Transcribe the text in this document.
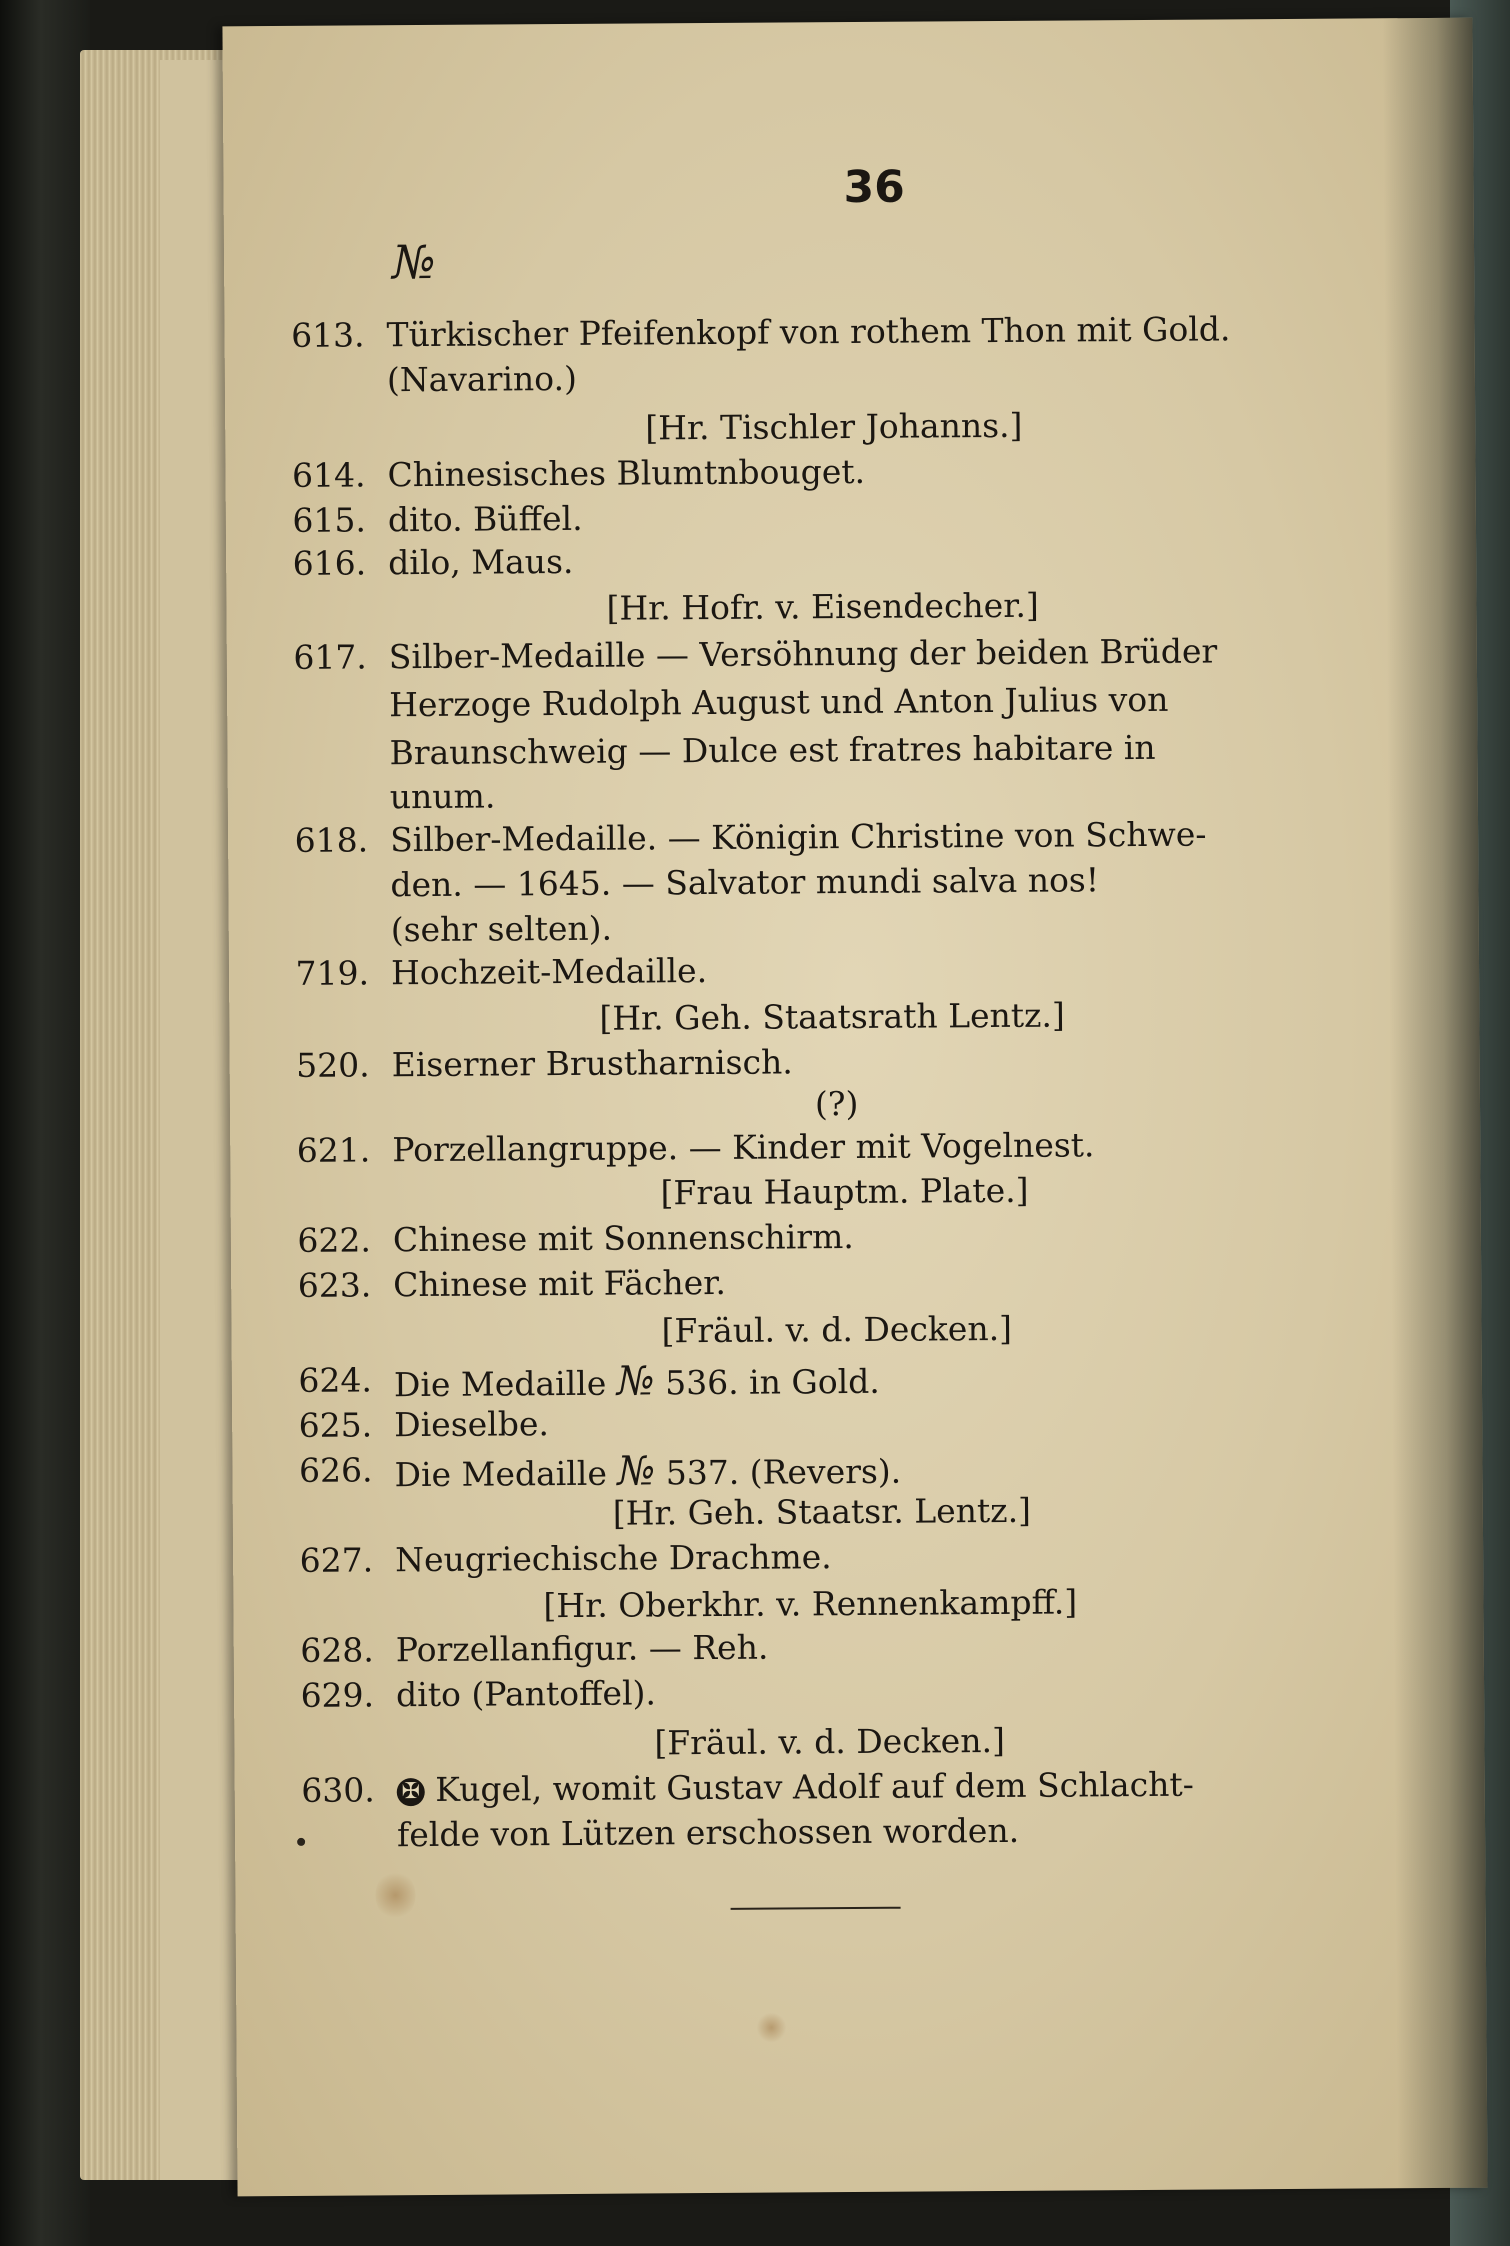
36
№
613. Türkischer Pfeifenkopf von rothem Thon mit Gold.
(Navarino.)
[Hr. Tischler Johanns.]
614. Chinesisches Blumtnbouget.
615. dito. Büffel.
616. dilo, Maus.
[Hr. Hofr. v. Eisendecher.]
617. Silber-Medaille — Versöhnung der beiden Brüder
Herzoge Rudolph August und Anton Julius von
Braunschweig — Dulce est fratres habitare in
unum.
618. Silber-Medaille. — Königin Christine von Schwe-
den. — 1645. — Salvator mundi salva nos!
(sehr selten).
719. Hochzeit-Medaille.
[Hr. Geh. Staatsrath Lentz.]
520. Eiserner Brustharnisch.
(?)
621. Porzellangruppe. — Kinder mit Vogelnest.
[Frau Hauptm. Plate.]
622. Chinese mit Sonnenschirm.
623. Chinese mit Fächer.
[Fräul. v. d. Decken.]
624. Die Medaille № 536. in Gold.
625. Dieselbe.
626. Die Medaille № 537. (Revers).
[Hr. Geh. Staatsr. Lentz.]
627. Neugriechische Drachme.
[Hr. Oberkhr. v. Rennenkampff.]
628. Porzellanfigur. — Reh.
629. dito (Pantoffel).
[Fräul. v. d. Decken.]
630. ✠ Kugel, womit Gustav Adolf auf dem Schlacht-
felde von Lützen erschossen worden.
